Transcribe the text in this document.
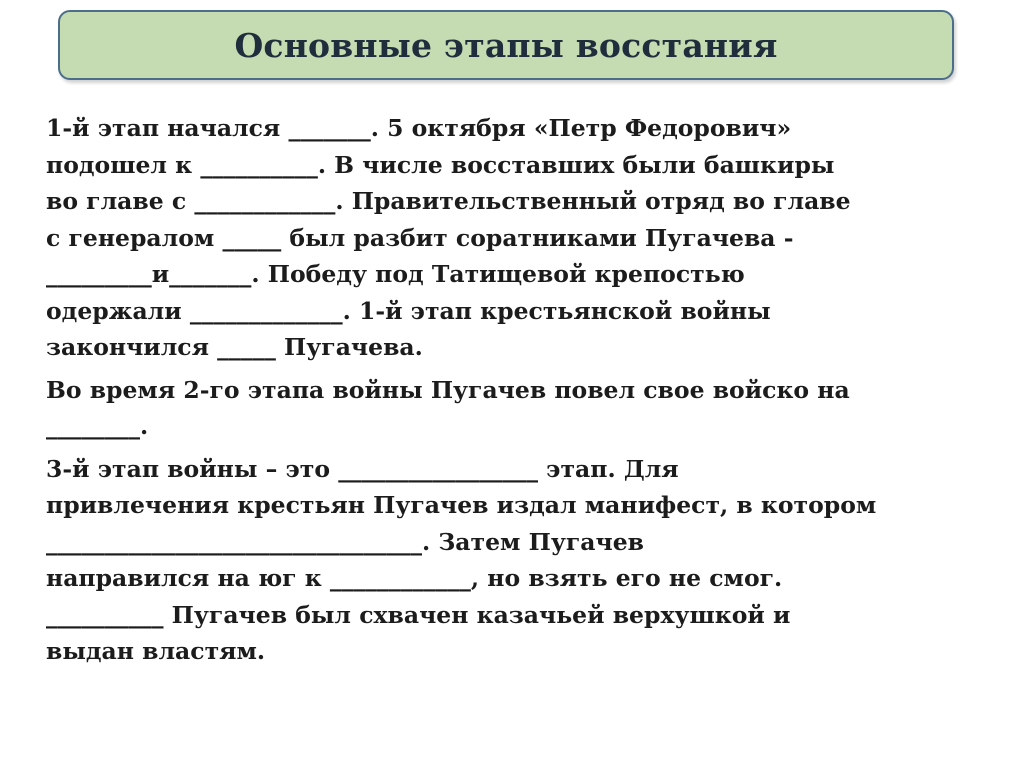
Основные этапы восстания

1-й этап начался _______. 5 октября «Петр Федорович»
подошел к __________. В числе восставших были башкиры
во главе с ____________. Правительственный отряд во главе
с генералом _____ был разбит соратниками Пугачева -
_________и_______. Победу под Татищевой крепостью
одержали _____________. 1-й этап крестьянской войны
закончился _____ Пугачева.

Во время 2-го этапа войны Пугачев повел свое войско на
________.

3-й этап войны – это _________________ этап. Для
привлечения крестьян Пугачев издал манифест, в котором
________________________________. Затем Пугачев
направился на юг к ____________, но взять его не смог.
__________ Пугачев был схвачен казачьей верхушкой и
выдан властям.
